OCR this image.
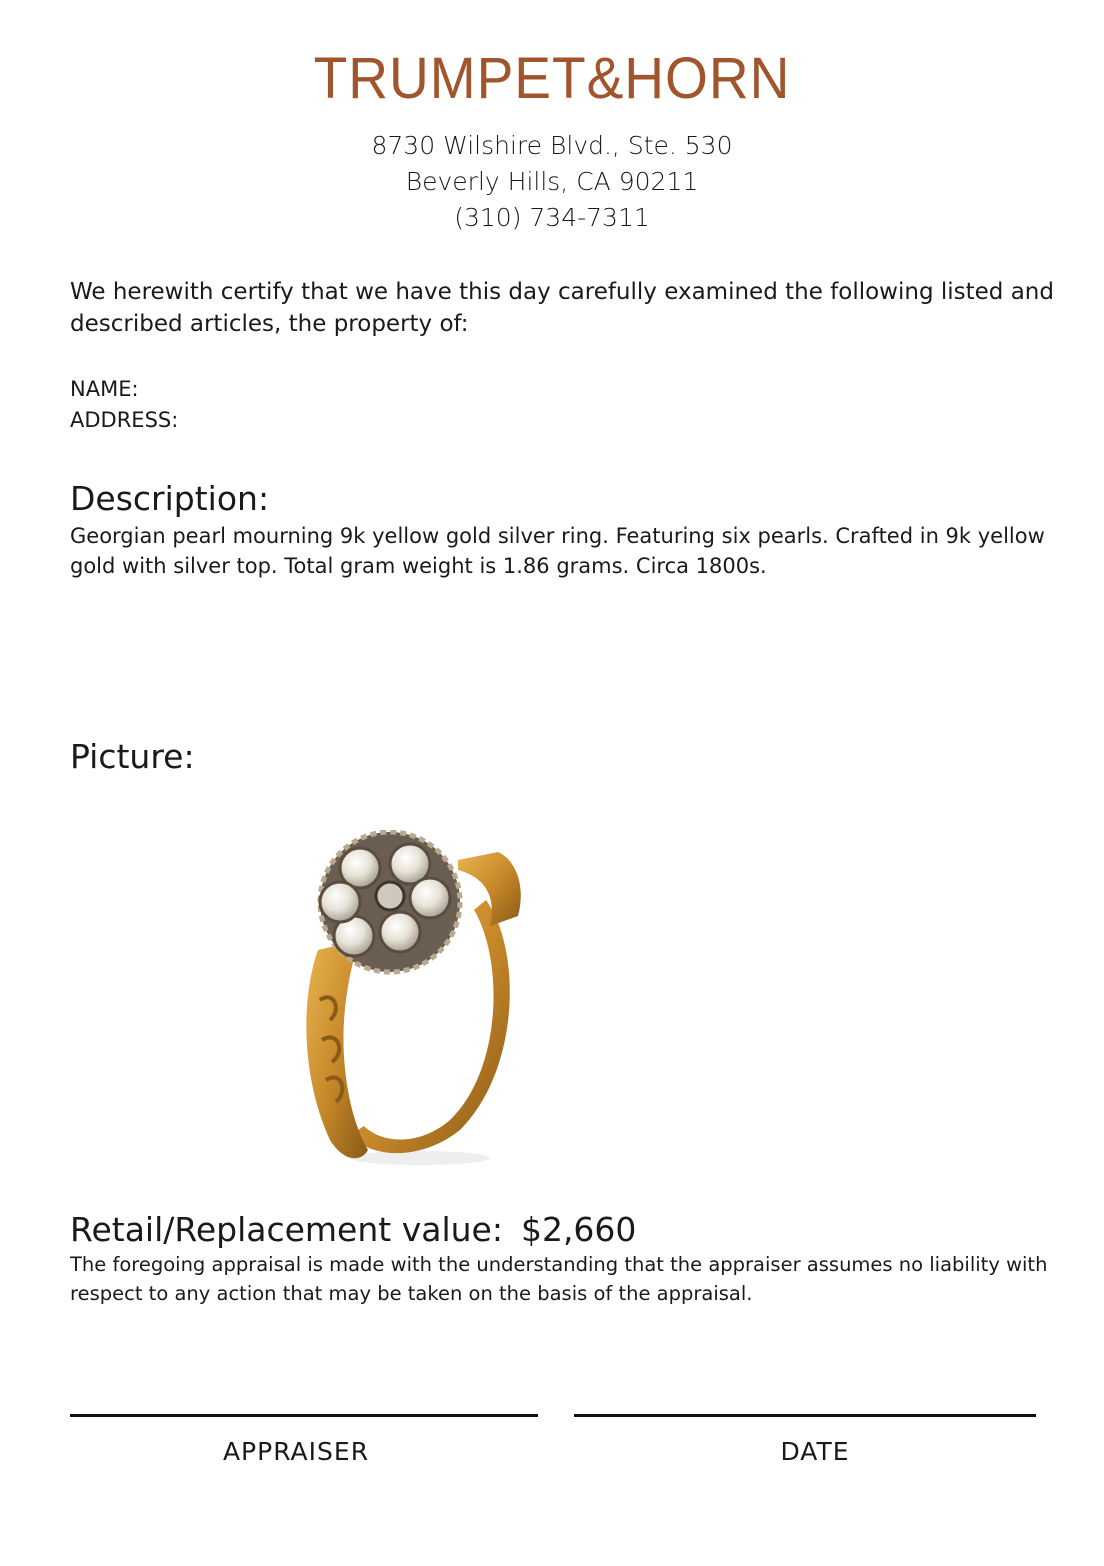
TRUMPET&HORN
8730 Wilshire Blvd., Ste. 530
Beverly Hills, CA 90211
(310) 734-7311
We herewith certify that we have this day carefully examined the following listed and described articles, the property of:
NAME:
ADDRESS:
Description:
Georgian pearl mourning 9k yellow gold silver ring. Featuring six pearls. Crafted in 9k yellow gold with silver top. Total gram weight is 1.86 grams. Circa 1800s.
Picture:
Retail/Replacement value: $2,660
The foregoing appraisal is made with the understanding that the appraiser assumes no liability with respect to any action that may be taken on the basis of the appraisal.
APPRAISER	DATE
